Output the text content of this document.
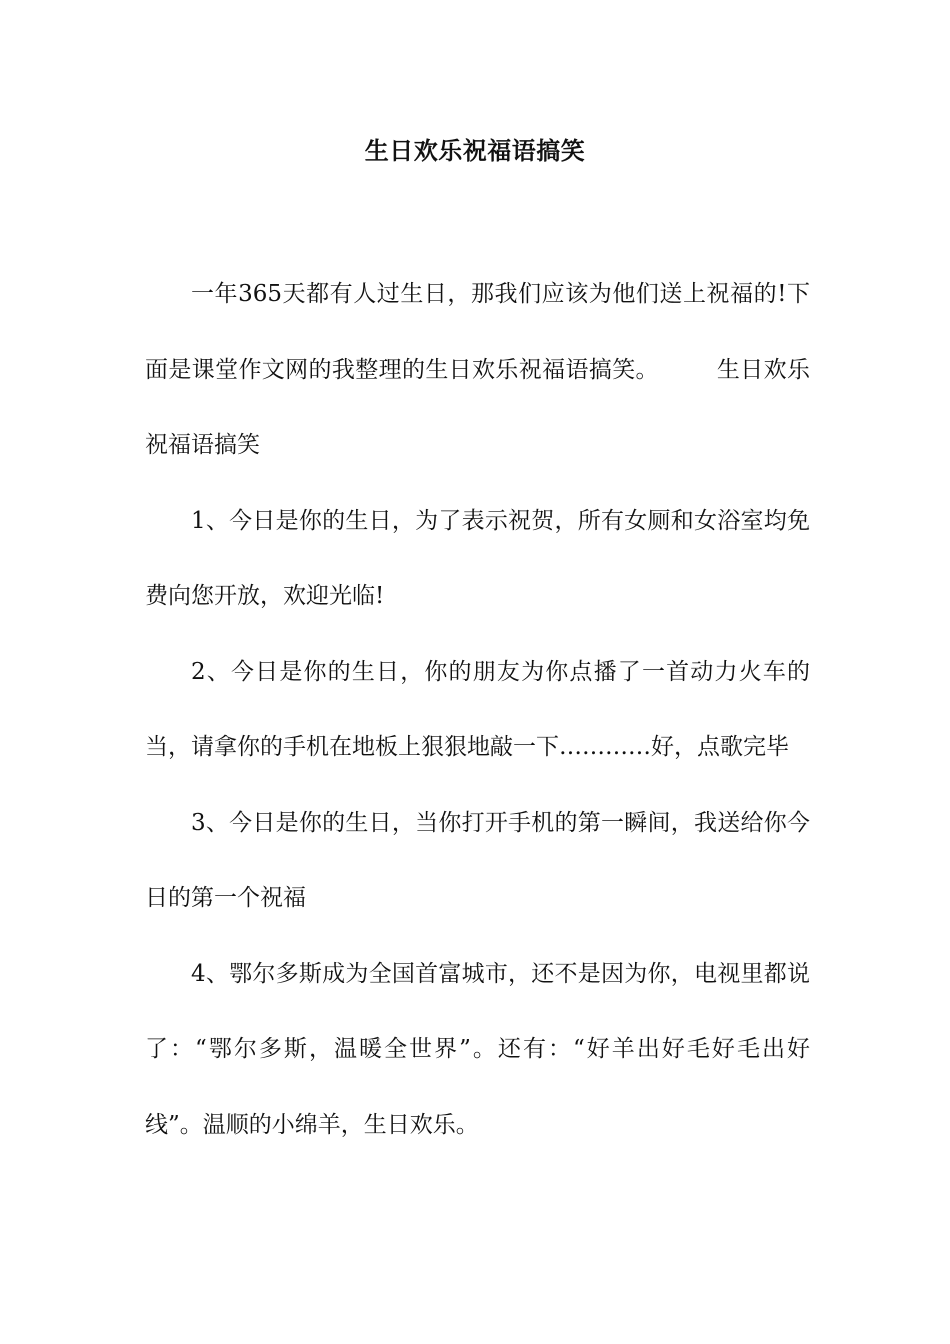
生日欢乐祝福语搞笑

一年365天都有人过生日，那我们应该为他们送上祝福的!下面是课堂作文网的我整理的生日欢乐祝福语搞笑。	生日欢乐祝福语搞笑

1、今日是你的生日，为了表示祝贺，所有女厕和女浴室均免费向您开放，欢迎光临!

2、今日是你的生日，你的朋友为你点播了一首动力火车的当，请拿你的手机在地板上狠狠地敲一下…………好，点歌完毕

3、今日是你的生日，当你打开手机的第一瞬间，我送给你今日的第一个祝福

4、鄂尔多斯成为全国首富城市，还不是因为你，电视里都说了：“鄂尔多斯，温暖全世界”。还有：“好羊出好毛好毛出好线”。温顺的小绵羊，生日欢乐。
